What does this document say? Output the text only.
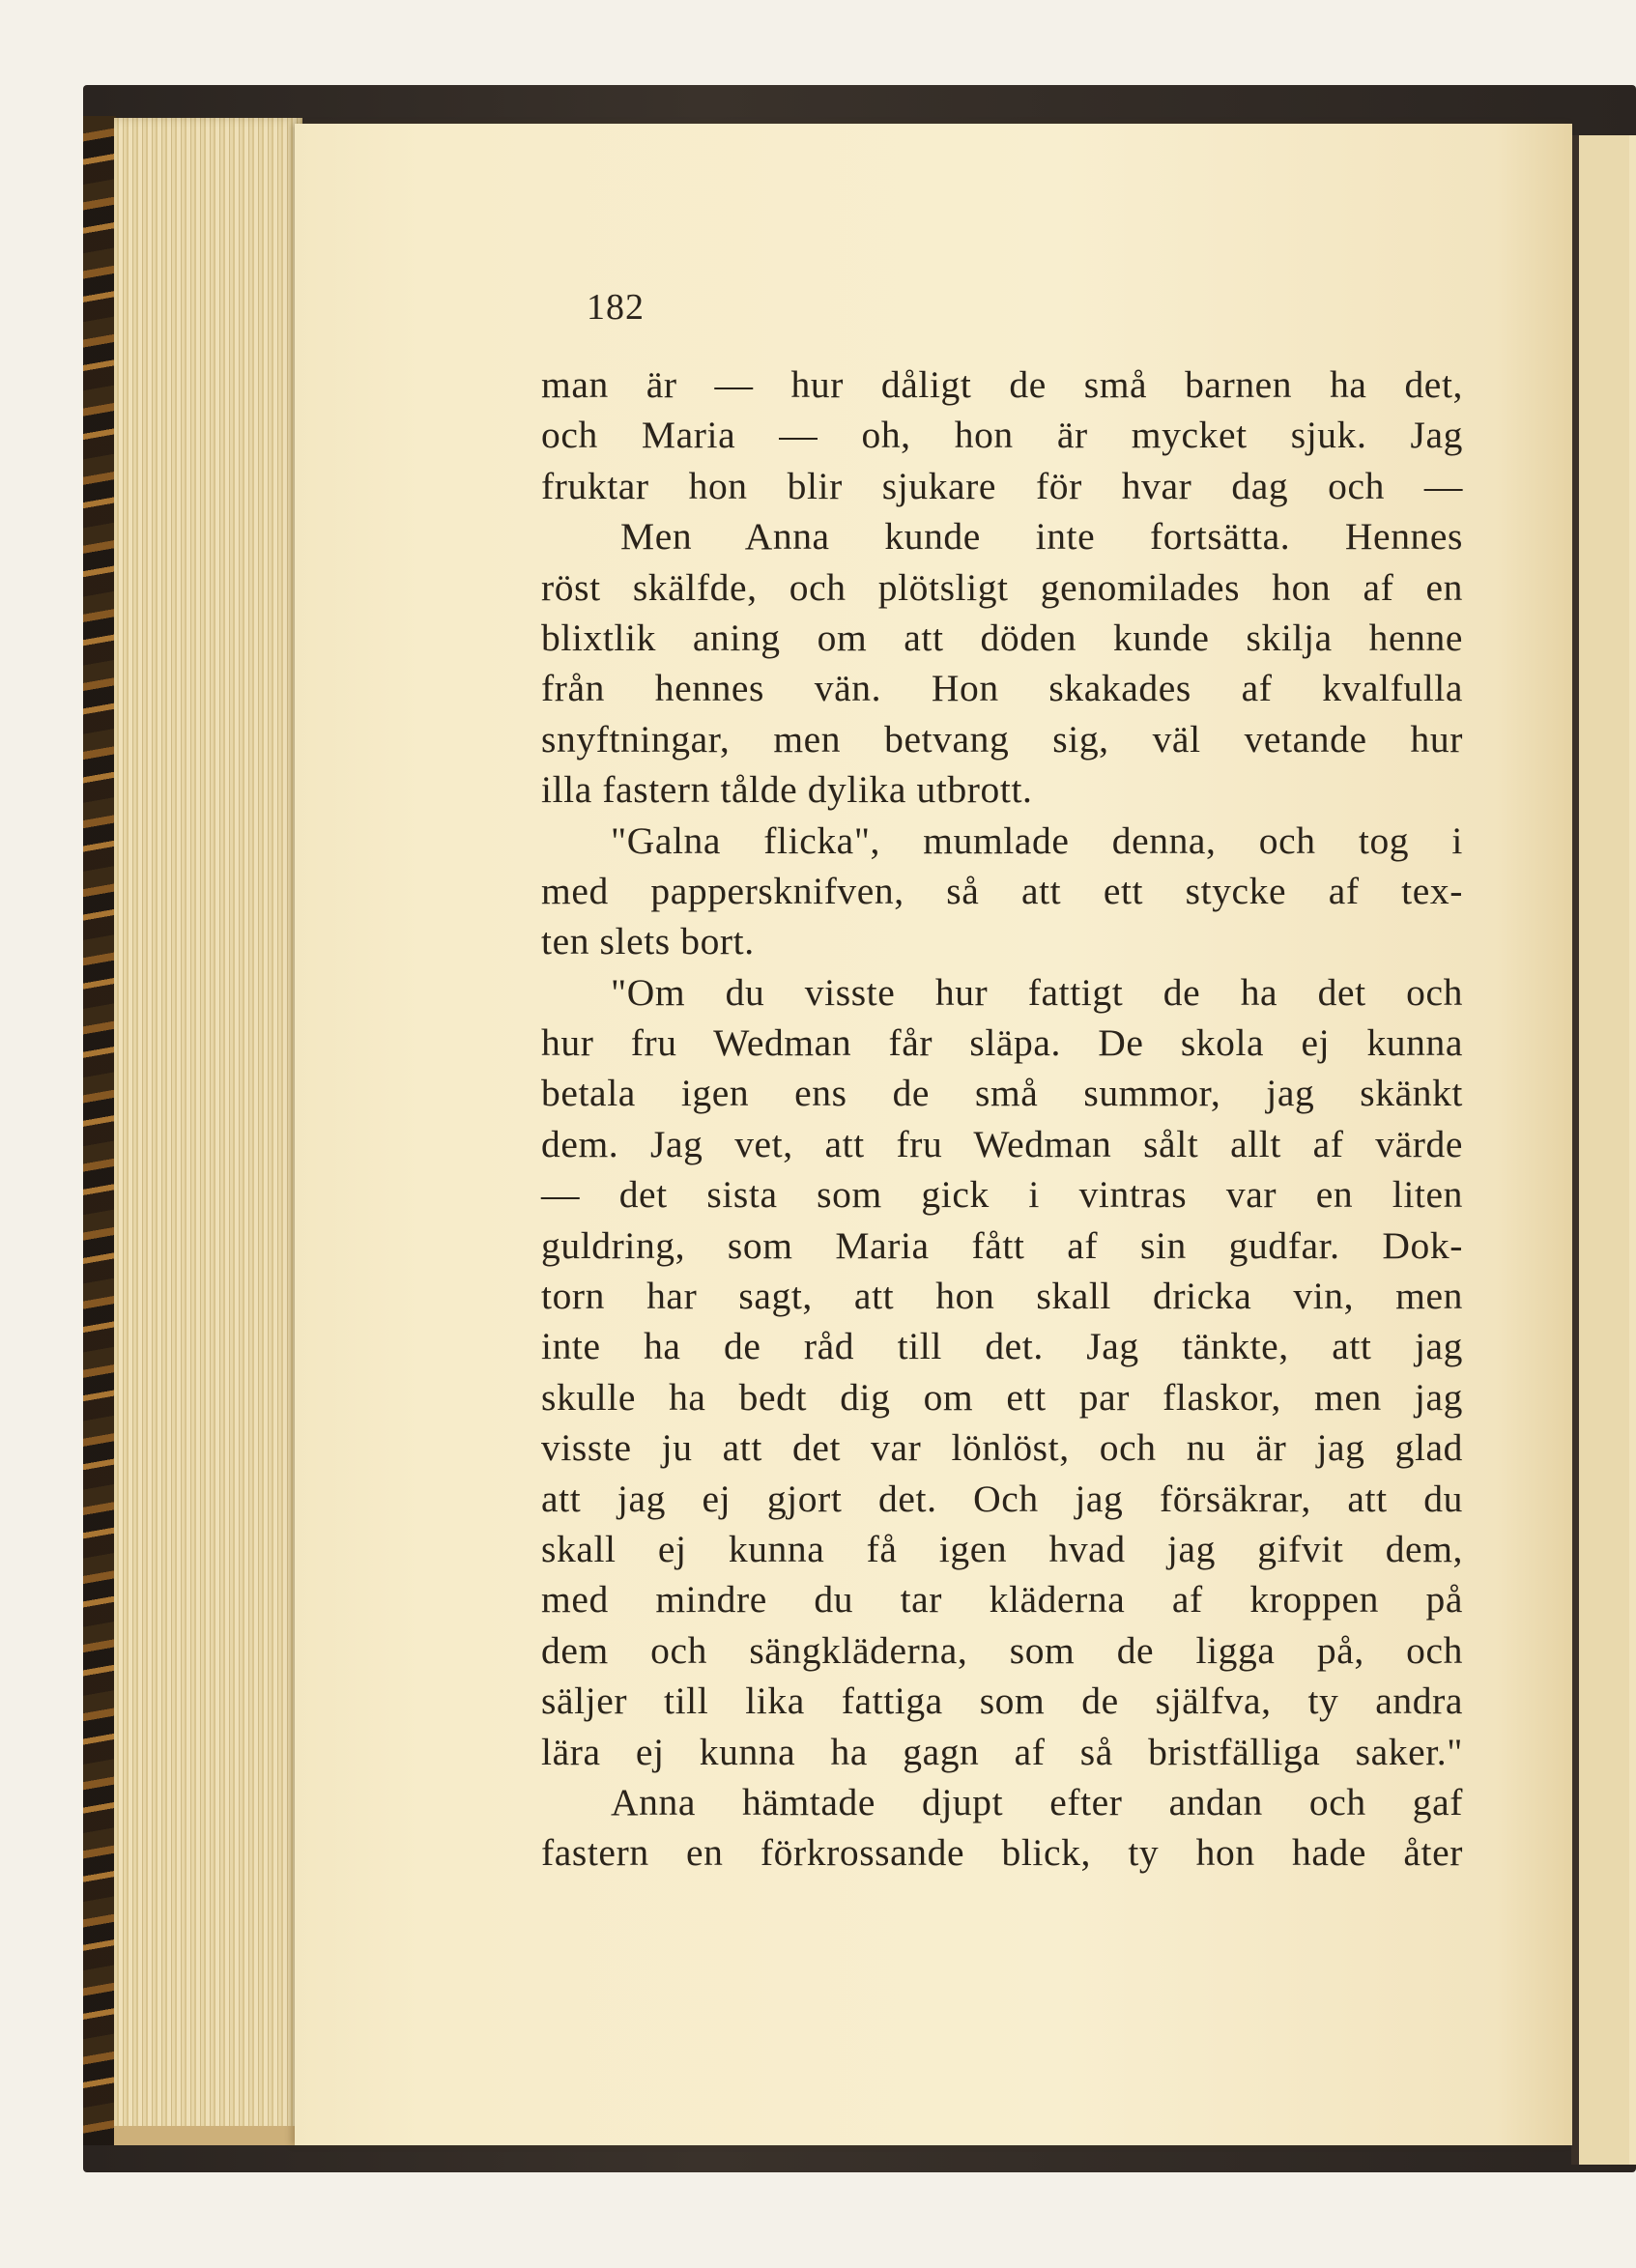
182
man är — hur dåligt de små barnen ha det,
och Maria — oh, hon är mycket sjuk. Jag
fruktar hon blir sjukare för hvar dag och —
Men Anna kunde inte fortsätta. Hennes
röst skälfde, och plötsligt genomilades hon af en
blixtlik aning om att döden kunde skilja henne
från hennes vän. Hon skakades af kvalfulla
snyftningar, men betvang sig, väl vetande hur
illa fastern tålde dylika utbrott.
"Galna flicka", mumlade denna, och tog i
med pappersknifven, så att ett stycke af tex-
ten slets bort.
"Om du visste hur fattigt de ha det och
hur fru Wedman får släpa. De skola ej kunna
betala igen ens de små summor, jag skänkt
dem. Jag vet, att fru Wedman sålt allt af värde
— det sista som gick i vintras var en liten
guldring, som Maria fått af sin gudfar. Dok-
torn har sagt, att hon skall dricka vin, men
inte ha de råd till det. Jag tänkte, att jag
skulle ha bedt dig om ett par flaskor, men jag
visste ju att det var lönlöst, och nu är jag glad
att jag ej gjort det. Och jag försäkrar, att du
skall ej kunna få igen hvad jag gifvit dem,
med mindre du tar kläderna af kroppen på
dem och sängkläderna, som de ligga på, och
säljer till lika fattiga som de själfva, ty andra
lära ej kunna ha gagn af så bristfälliga saker."
Anna hämtade djupt efter andan och gaf
fastern en förkrossande blick, ty hon hade åter
